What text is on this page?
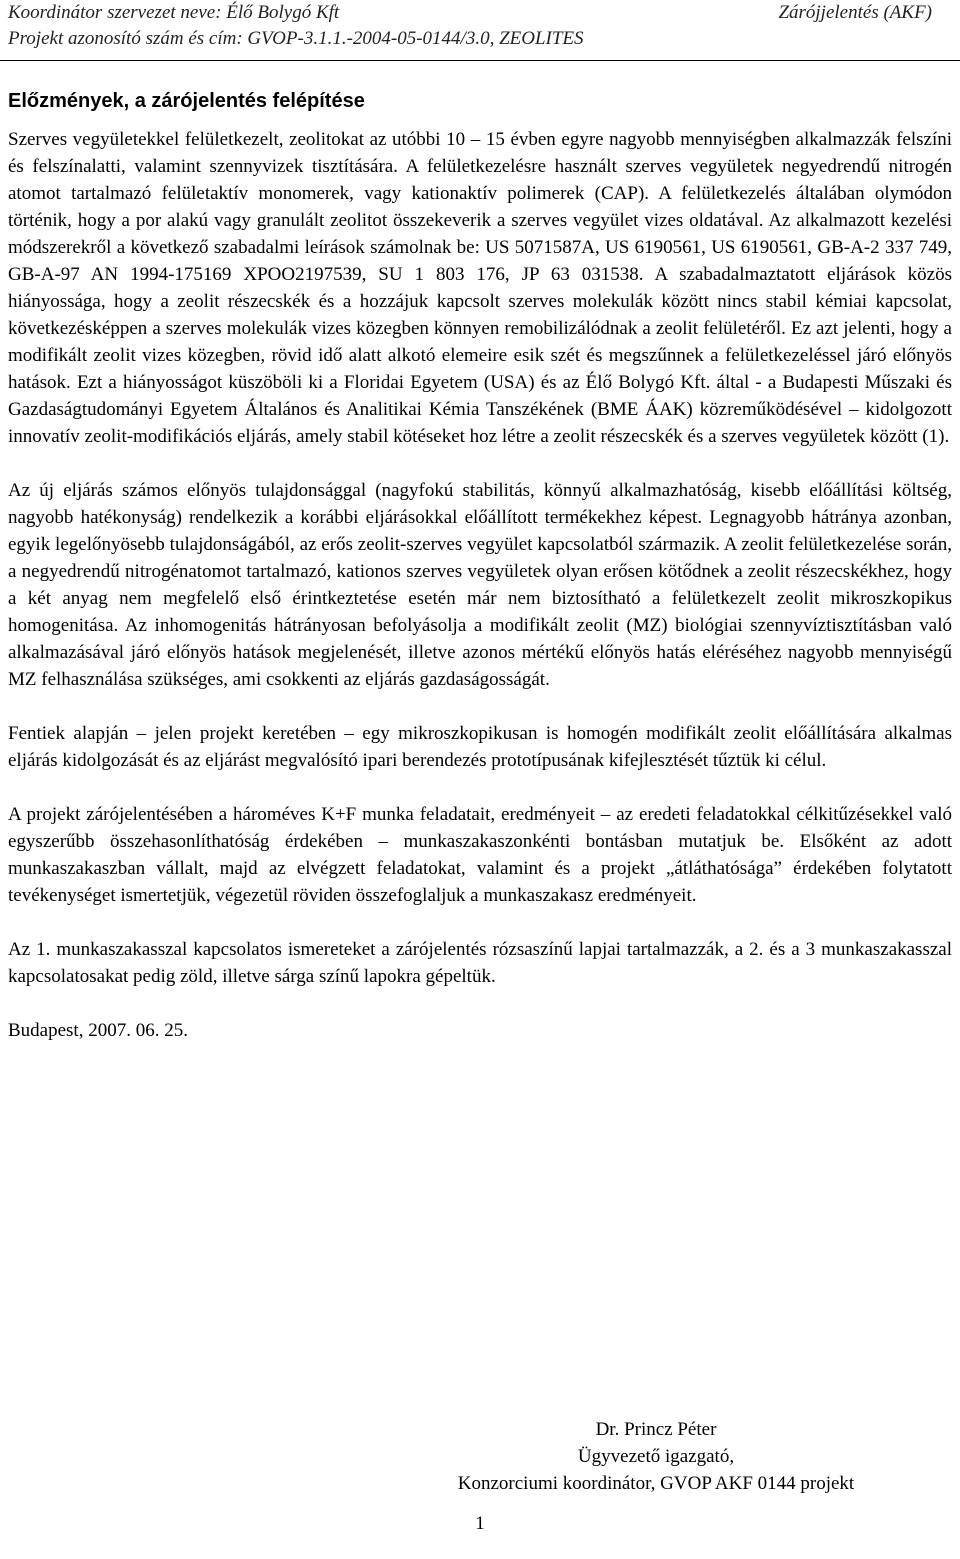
Koordinátor szervezet neve: Élő Bolygó Kft	Zárójjelentés (AKF)
Projekt azonosító szám és cím: GVOP-3.1.1.-2004-05-0144/3.0, ZEOLITES
Előzmények, a zárójelentés felépítése

Szerves vegyületekkel felületkezelt, zeolitokat az utóbbi 10 – 15 évben egyre nagyobb mennyiségben alkalmazzák felszíni és felszínalatti, valamint szennyvizek tisztítására. A felületkezelésre használt szerves vegyületek negyedrendű nitrogén atomot tartalmazó felületaktív monomerek, vagy kationaktív polimerek (CAP). A felületkezelés általában olymódon történik, hogy a por alakú vagy granulált zeolitot összekeverik a szerves vegyület vizes oldatával. Az alkalmazott kezelési módszerekről a következő szabadalmi leírások számolnak be: US 5071587A, US 6190561, US 6190561, GB-A-2 337 749, GB-A-97 AN 1994-175169 XPOO2197539, SU 1 803 176, JP 63 031538. A szabadalmaztatott eljárások közös hiányossága, hogy a zeolit részecskék és a hozzájuk kapcsolt szerves molekulák között nincs stabil kémiai kapcsolat, következésképpen a szerves molekulák vizes közegben könnyen remobilizálódnak a zeolit felületéről. Ez azt jelenti, hogy a modifikált zeolit vizes közegben, rövid idő alatt alkotó elemeire esik szét és megszűnnek a felületkezeléssel járó előnyös hatások. Ezt a hiányosságot küszöböli ki a Floridai Egyetem (USA) és az Élő Bolygó Kft. által - a Budapesti Műszaki és Gazdaságtudományi Egyetem Általános és Analitikai Kémia Tanszékének (BME ÁAK) közreműködésével – kidolgozott innovatív zeolit-modifikációs eljárás, amely stabil kötéseket hoz létre a zeolit részecskék és a szerves vegyületek között (1).

Az új eljárás számos előnyös tulajdonsággal (nagyfokú stabilitás, könnyű alkalmazhatóság, kisebb előállítási költség, nagyobb hatékonyság) rendelkezik a korábbi eljárásokkal előállított termékekhez képest. Legnagyobb hátránya azonban, egyik legelőnyösebb tulajdonságából, az erős zeolit-szerves vegyület kapcsolatból származik. A zeolit felületkezelése során, a negyedrendű nitrogénatomot tartalmazó, kationos szerves vegyületek olyan erősen kötődnek a zeolit részecskékhez, hogy a két anyag nem megfelelő első érintkeztetése esetén már nem biztosítható a felületkezelt zeolit mikroszkopikus homogenitása. Az inhomogenitás hátrányosan befolyásolja a modifikált zeolit (MZ) biológiai szennyvíztisztításban való alkalmazásával járó előnyös hatások megjelenését, illetve azonos mértékű előnyös hatás eléréséhez nagyobb mennyiségű MZ felhasználása szükséges, ami csokkenti az eljárás gazdaságosságát.

Fentiek alapján – jelen projekt keretében – egy mikroszkopikusan is homogén modifikált zeolit előállítására alkalmas eljárás kidolgozását és az eljárást megvalósító ipari berendezés prototípusának kifejlesztését tűztük ki célul.

A projekt zárójelentésében a hároméves K+F munka feladatait, eredményeit – az eredeti feladatokkal célkitűzésekkel való egyszerűbb összehasonlíthatóság érdekében – munkaszakaszonkénti bontásban mutatjuk be. Elsőként az adott munkaszakaszban vállalt, majd az elvégzett feladatokat, valamint és a projekt „átláthatósága” érdekében folytatott tevékenységet ismertetjük, végezetül röviden összefoglaljuk a munkaszakasz eredményeit.

Az 1. munkaszakasszal kapcsolatos ismereteket a zárójelentés rózsaszínű lapjai tartalmazzák, a 2. és a 3 munkaszakasszal kapcsolatosakat pedig zöld, illetve sárga színű lapokra gépeltük.

Budapest, 2007. 06. 25.

Dr. Princz Péter
Ügyvezető igazgató,
Konzorciumi koordinátor, GVOP AKF 0144 projekt
1
